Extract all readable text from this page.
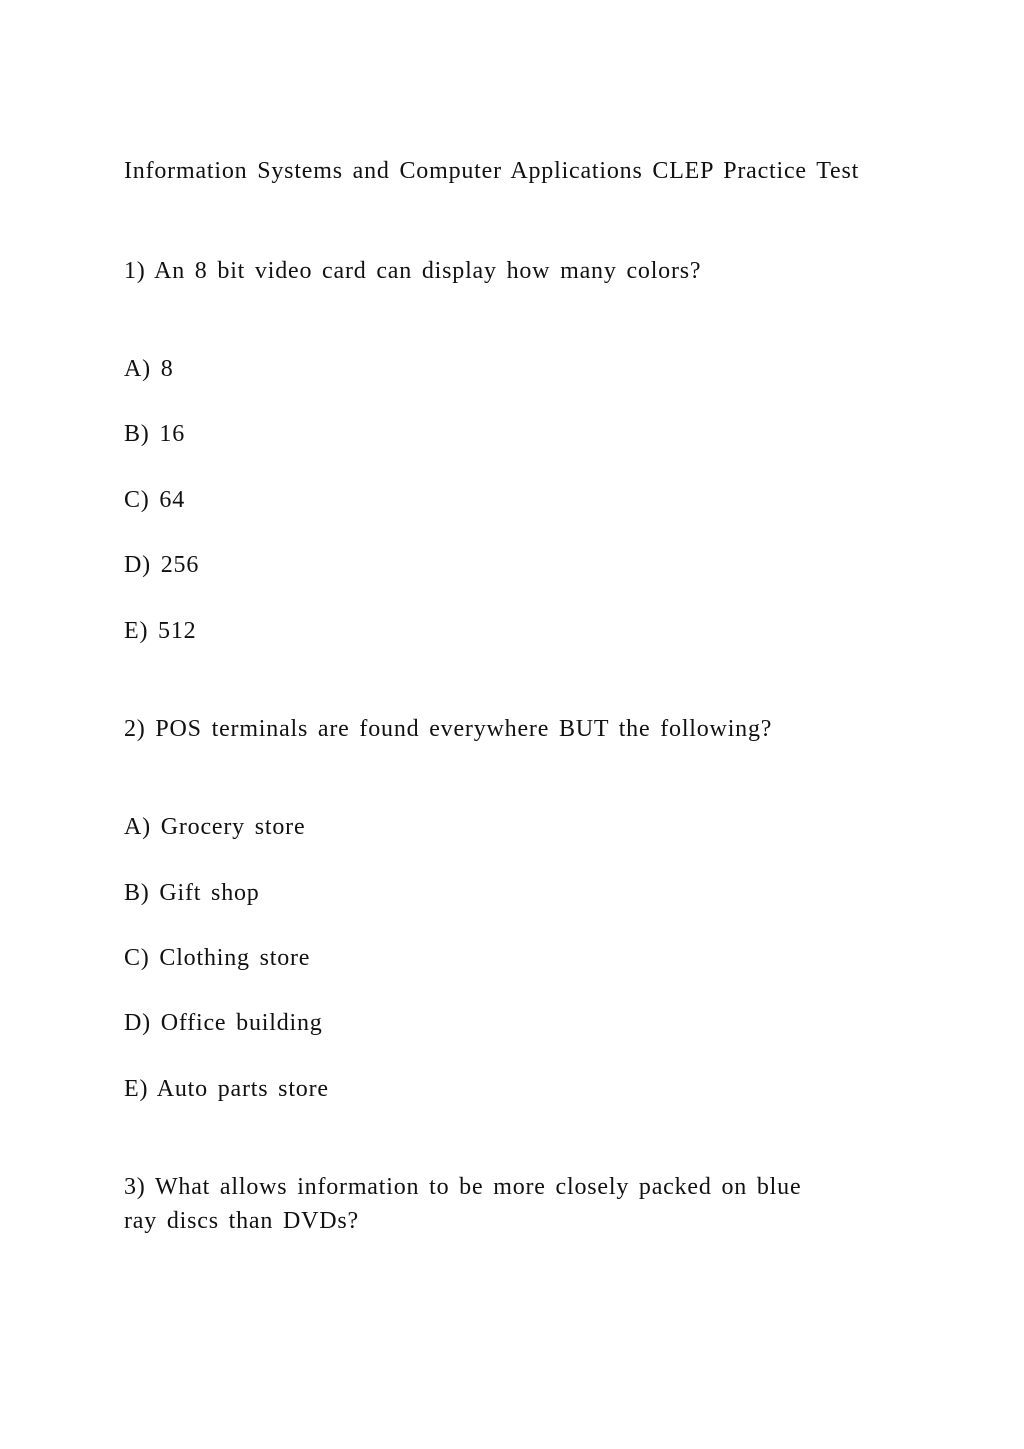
Information Systems and Computer Applications CLEP Practice Test
1) An 8 bit video card can display how many colors?
A) 8
B) 16
C) 64
D) 256
E) 512
2) POS terminals are found everywhere BUT the following?
A) Grocery store
B) Gift shop
C) Clothing store
D) Office building
E) Auto parts store
3) What allows information to be more closely packed on blue
ray discs than DVDs?
